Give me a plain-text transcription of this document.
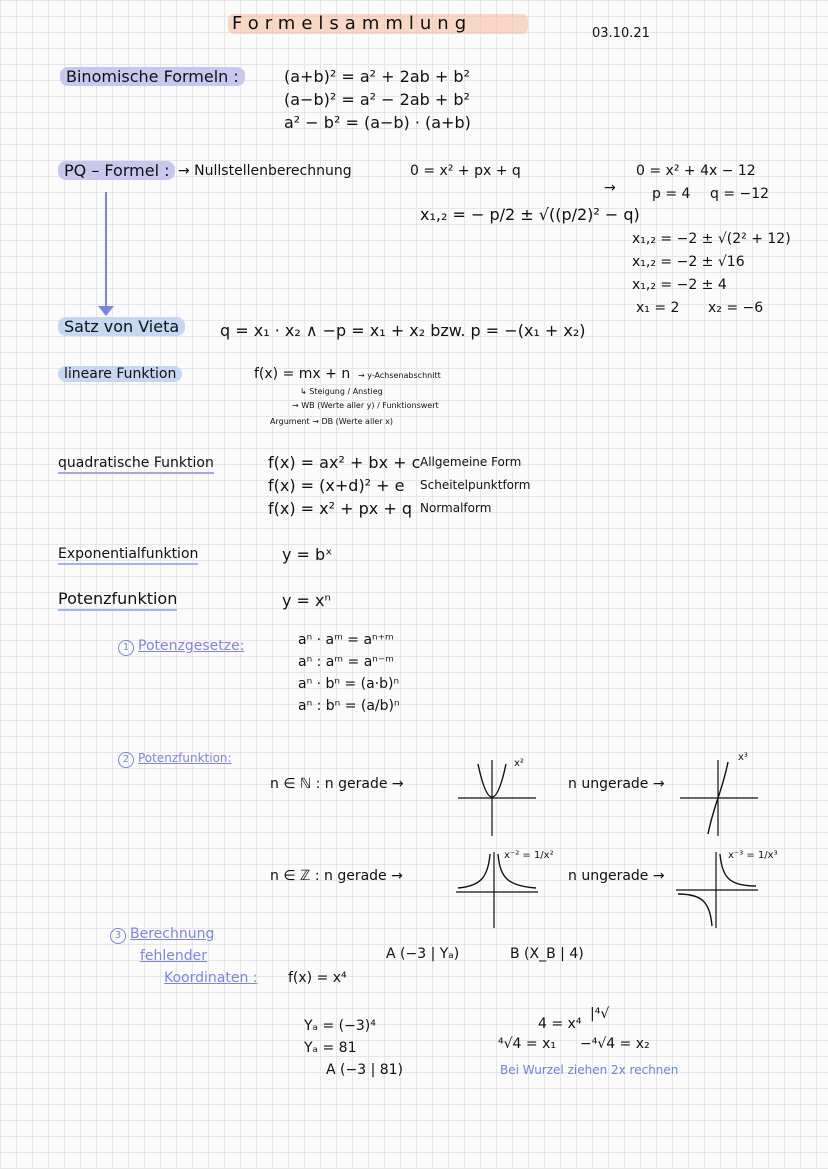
Formelsammlung	03.10.21
Binomische Formeln :	(a+b)² = a² + 2ab + b²
(a−b)² = a² − 2ab + b²
a² − b² = (a−b) · (a+b)
PQ – Formel : → Nullstellenberechnung	0 = x² + px + q
x₁,₂ = − p/2 ± √((p/2)² − q)
→
0 = x² + 4x − 12
p = 4 q = −12
x₁,₂ = −2 ± √(2² + 12)
x₁,₂ = −2 ± √16
x₁,₂ = −2 ± 4
x₁ = 2 x₂ = −6
Satz von Vieta	q = x₁ · x₂ ∧ −p = x₁ + x₂ bzw. p = −(x₁ + x₂)
lineare Funktion	f(x) = mx + n → y-Achsenabschnitt
↳ Steigung / Anstieg
→ WB (Werte aller y) / Funktionswert
Argument → DB (Werte aller x)
quadratische Funktion	f(x) = ax² + bx + c Allgemeine Form
f(x) = (x+d)² + e Scheitelpunktform
f(x) = x² + px + q Normalform
Exponentialfunktion	y = bˣ
Potenzfunktion	y = xⁿ
1 Potenzgesetze:	aⁿ · aᵐ = aⁿ⁺ᵐ
aⁿ : aᵐ = aⁿ⁻ᵐ
aⁿ · bⁿ = (a·b)ⁿ
aⁿ : bⁿ = (a/b)ⁿ
2 Potenzfunktion:
n ∈ ℕ : n gerade →	n ungerade →
n ∈ ℤ : n gerade →	n ungerade →
x²
x³
x⁻² = 1/x²	x⁻³ = 1/x³
3 Berechnung
fehlender
Koordinaten : f(x) = x⁴
A (−3 | Yₐ)	B (X_B | 4)
Yₐ = (−3)⁴
Yₐ = 81
A (−3 | 81)
4 = x⁴
|⁴√
⁴√4 = x₁ −⁴√4 = x₂
Bei Wurzel ziehen 2x rechnen
